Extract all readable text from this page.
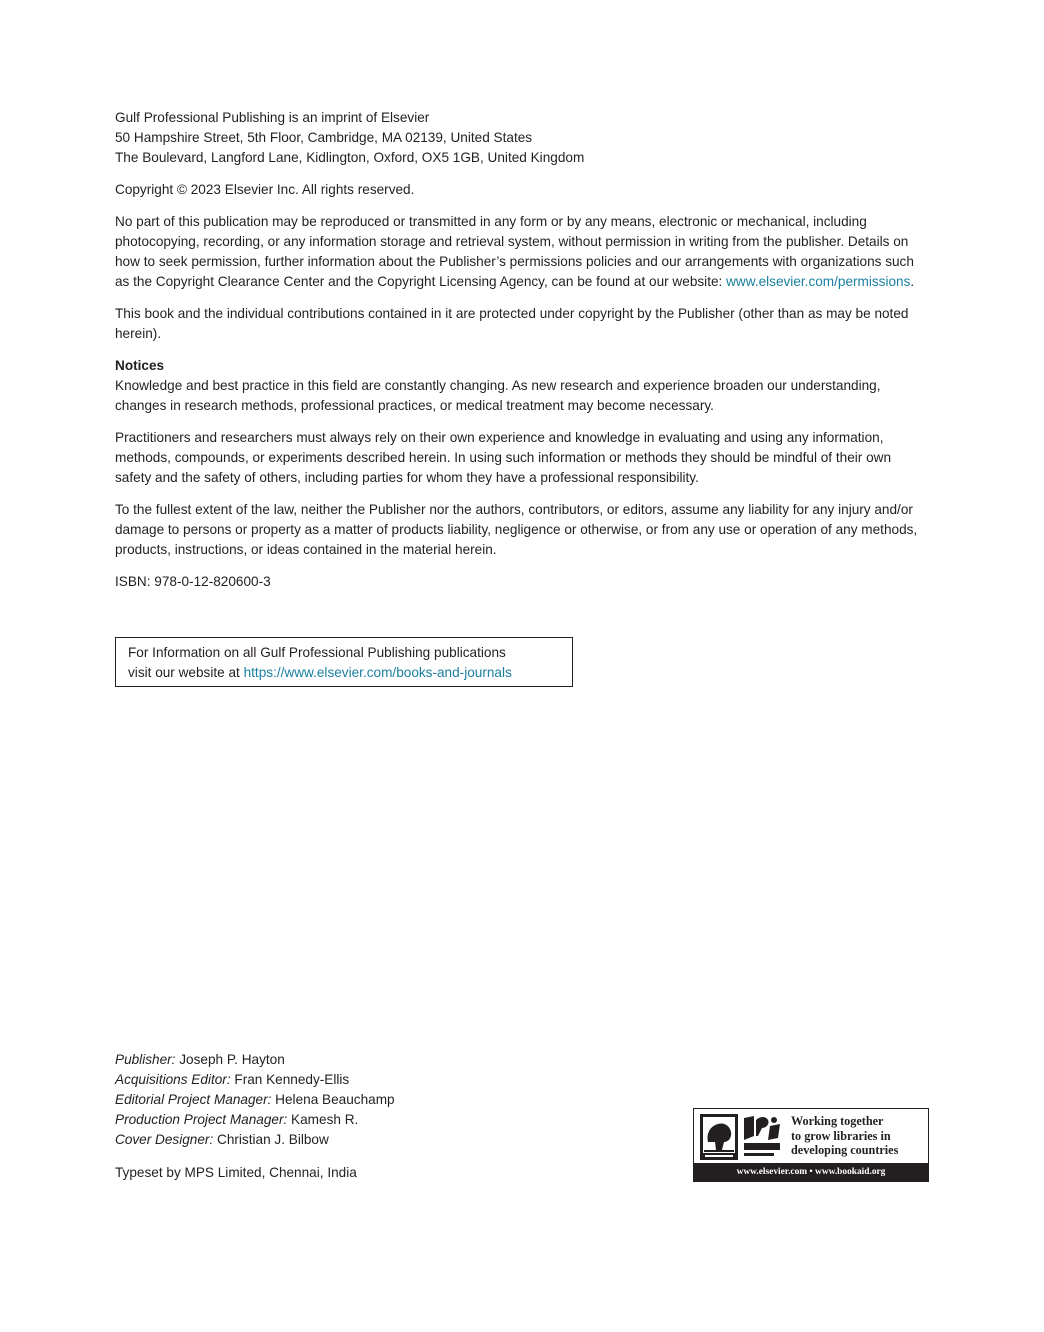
Gulf Professional Publishing is an imprint of Elsevier

50 Hampshire Street, 5th Floor, Cambridge, MA 02139, United States

The Boulevard, Langford Lane, Kidlington, Oxford, OX5 1GB, United Kingdom

Copyright © 2023 Elsevier Inc. All rights reserved.

No part of this publication may be reproduced or transmitted in any form or by any means, electronic or mechanical, including photocopying, recording, or any information storage and retrieval system, without permission in writing from the publisher. Details on how to seek permission, further information about the Publisher’s permissions policies and our arrangements with organizations such as the Copyright Clearance Center and the Copyright Licensing Agency, can be found at our website: www.elsevier.com/permissions.

This book and the individual contributions contained in it are protected under copyright by the Publisher (other than as may be noted herein).

Notices

Knowledge and best practice in this field are constantly changing. As new research and experience broaden our understanding, changes in research methods, professional practices, or medical treatment may become necessary.

Practitioners and researchers must always rely on their own experience and knowledge in evaluating and using any information, methods, compounds, or experiments described herein. In using such information or methods they should be mindful of their own safety and the safety of others, including parties for whom they have a professional responsibility.

To the fullest extent of the law, neither the Publisher nor the authors, contributors, or editors, assume any liability for any injury and/or damage to persons or property as a matter of products liability, negligence or otherwise, or from any use or operation of any methods, products, instructions, or ideas contained in the material herein.

ISBN: 978-0-12-820600-3

For Information on all Gulf Professional Publishing publications
visit our website at https://www.elsevier.com/books-and-journals
Publisher: Joseph P. Hayton
Acquisitions Editor: Fran Kennedy-Ellis
Editorial Project Manager: Helena Beauchamp
Production Project Manager: Kamesh R.
Cover Designer: Christian J. Bilbow
Typeset by MPS Limited, Chennai, India
Working together
to grow libraries in
developing countries
www.elsevier.com • www.bookaid.org
